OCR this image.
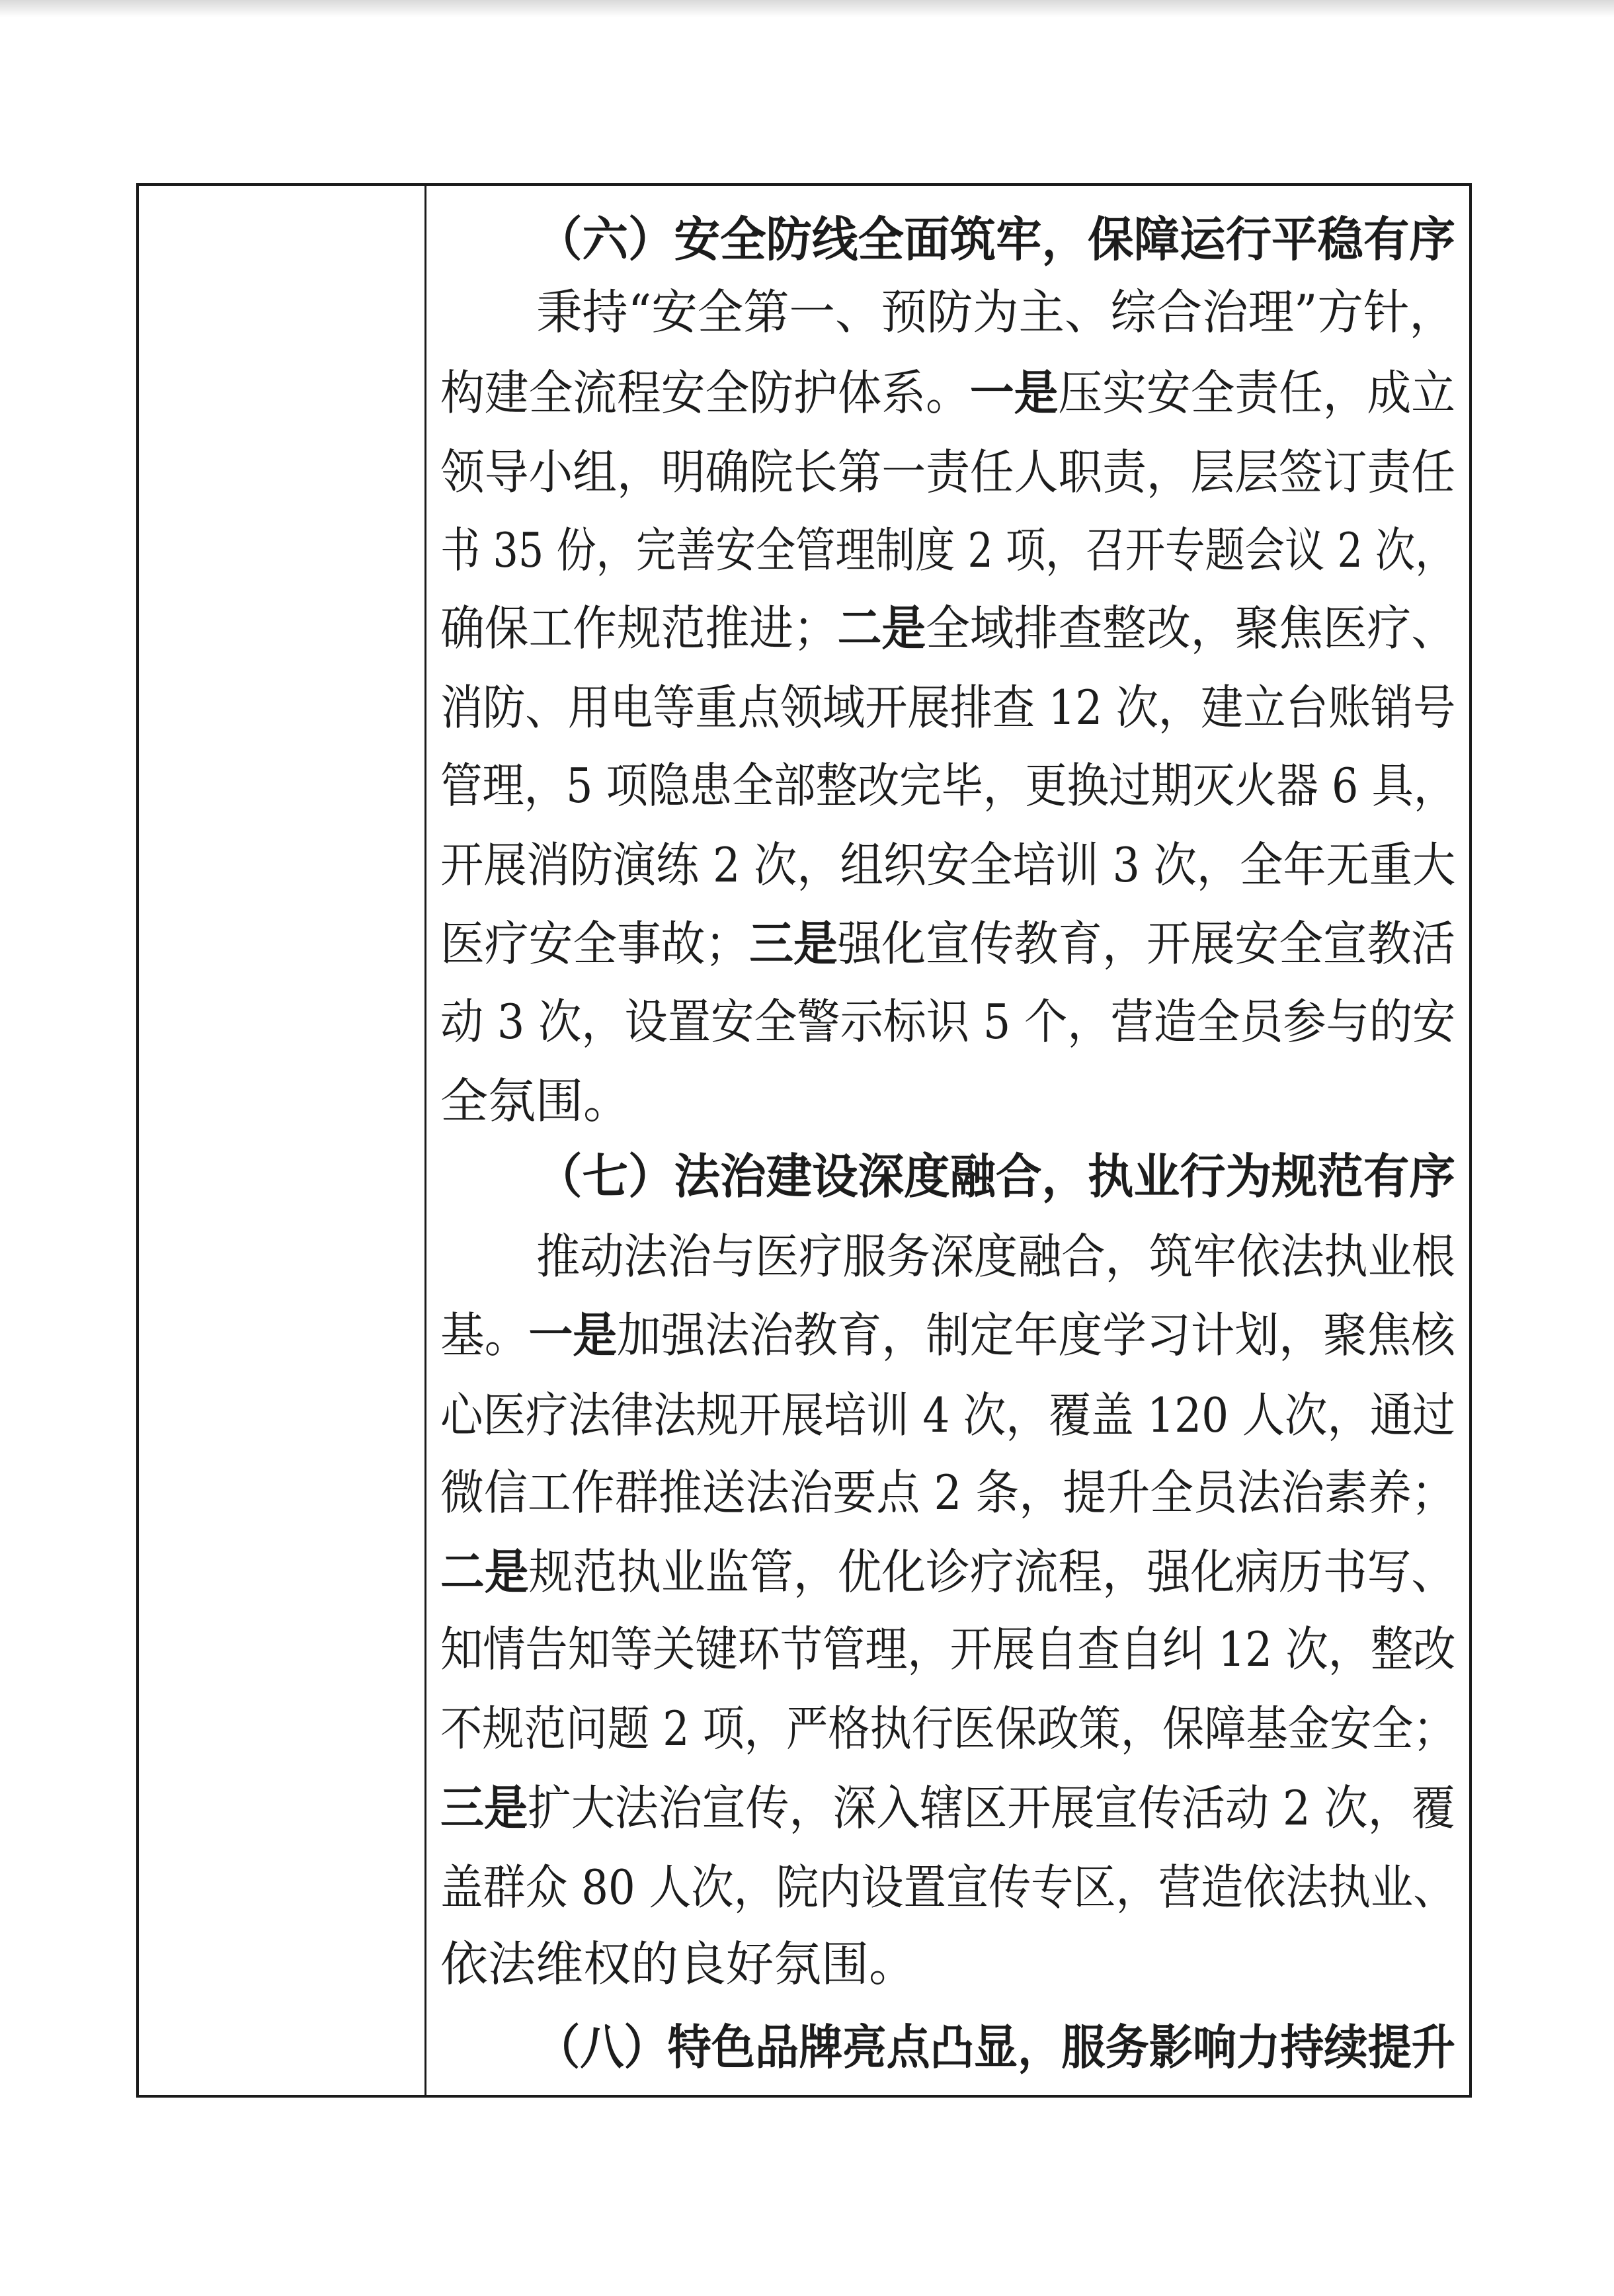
（六）安全防线全面筑牢，保障运行平稳有序
秉持“安全第一、预防为主、综合治理”方针，
构建全流程安全防护体系。一是压实安全责任，成立
领导小组，明确院长第一责任人职责，层层签订责任
书 35 份，完善安全管理制度 2 项，召开专题会议 2 次，
确保工作规范推进；二是全域排查整改，聚焦医疗、
消防、用电等重点领域开展排查 12 次，建立台账销号
管理，5 项隐患全部整改完毕，更换过期灭火器 6 具，
开展消防演练 2 次，组织安全培训 3 次，全年无重大
医疗安全事故；三是强化宣传教育，开展安全宣教活
动 3 次，设置安全警示标识 5 个，营造全员参与的安
全氛围。
（七）法治建设深度融合，执业行为规范有序
推动法治与医疗服务深度融合，筑牢依法执业根
基。一是加强法治教育，制定年度学习计划，聚焦核
心医疗法律法规开展培训 4 次，覆盖 120 人次，通过
微信工作群推送法治要点 2 条，提升全员法治素养；
二是规范执业监管，优化诊疗流程，强化病历书写、
知情告知等关键环节管理，开展自查自纠 12 次，整改
不规范问题 2 项，严格执行医保政策，保障基金安全；
三是扩大法治宣传，深入辖区开展宣传活动 2 次，覆
盖群众 80 人次，院内设置宣传专区，营造依法执业、
依法维权的良好氛围。
（八）特色品牌亮点凸显，服务影响力持续提升
